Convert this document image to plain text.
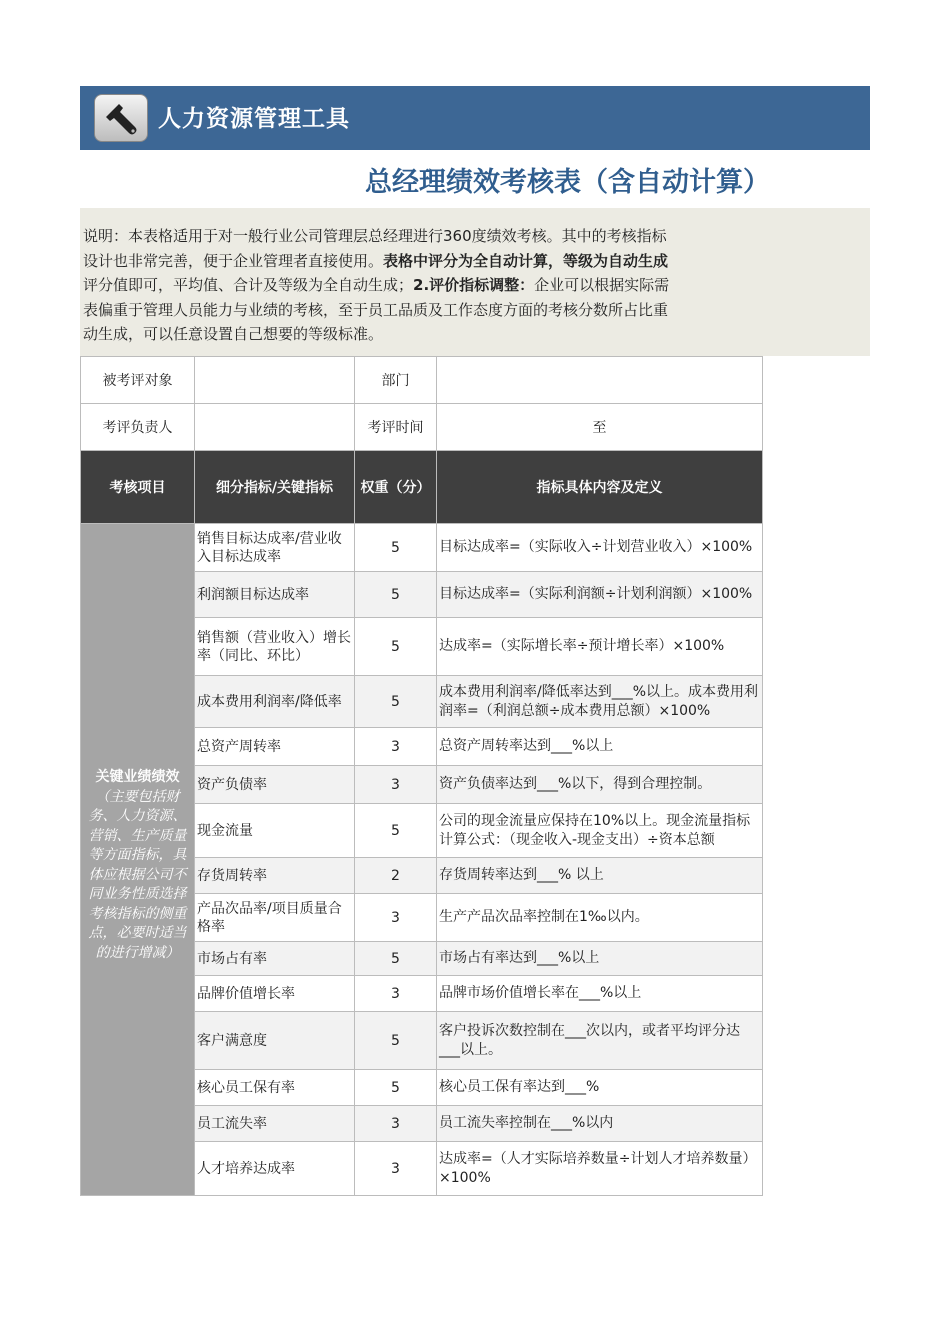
人力资源管理工具
总经理绩效考核表（含自动计算）
说明：本表格适用于对一般行业公司管理层总经理进行360度绩效考核。其中的考核指标
设计也非常完善，便于企业管理者直接使用。表格中评分为全自动计算，等级为自动生成
评分值即可，平均值、合计及等级为全自动生成；2.评价指标调整：企业可以根据实际需
表偏重于管理人员能力与业绩的考核，至于员工品质及工作态度方面的考核分数所占比重
动生成，可以任意设置自己想要的等级标准。
被考评对象		部门	
考评负责人		考评时间	至
考核项目	细分指标/关键指标	权重（分）	指标具体内容及定义

关键业绩绩效（主要包括财务、人力资源、营销、生产质量等方面指标，具体应根据公司不同业务性质选择考核指标的侧重点，必要时适当的进行增减）	销售目标达成率/营业收入目标达成率	5	目标达成率=（实际收入÷计划营业收入）×100%
	利润额目标达成率	5	目标达成率=（实际利润额÷计划利润额）×100%
	销售额（营业收入）增长率（同比、环比）	5	达成率=（实际增长率÷预计增长率）×100%
	成本费用利润率/降低率	5	成本费用利润率/降低率达到___%以上。成本费用利润率=（利润总额÷成本费用总额）×100%
	总资产周转率	3	总资产周转率达到___%以上
	资产负债率	3	资产负债率达到___%以下，得到合理控制。
	现金流量	5	公司的现金流量应保持在10%以上。现金流量指标计算公式：（现金收入-现金支出）÷资本总额
	存货周转率	2	存货周转率达到___% 以上
	产品次品率/项目质量合格率	3	生产产品次品率控制在1‰以内。
	市场占有率	5	市场占有率达到___%以上
	品牌价值增长率	3	品牌市场价值增长率在___%以上
	客户满意度	5	客户投诉次数控制在___次以内，或者平均评分达___以上。
	核心员工保有率	5	核心员工保有率达到___%
	员工流失率	3	员工流失率控制在___%以内
	人才培养达成率	3	达成率=（人才实际培养数量÷计划人才培养数量）×100%
